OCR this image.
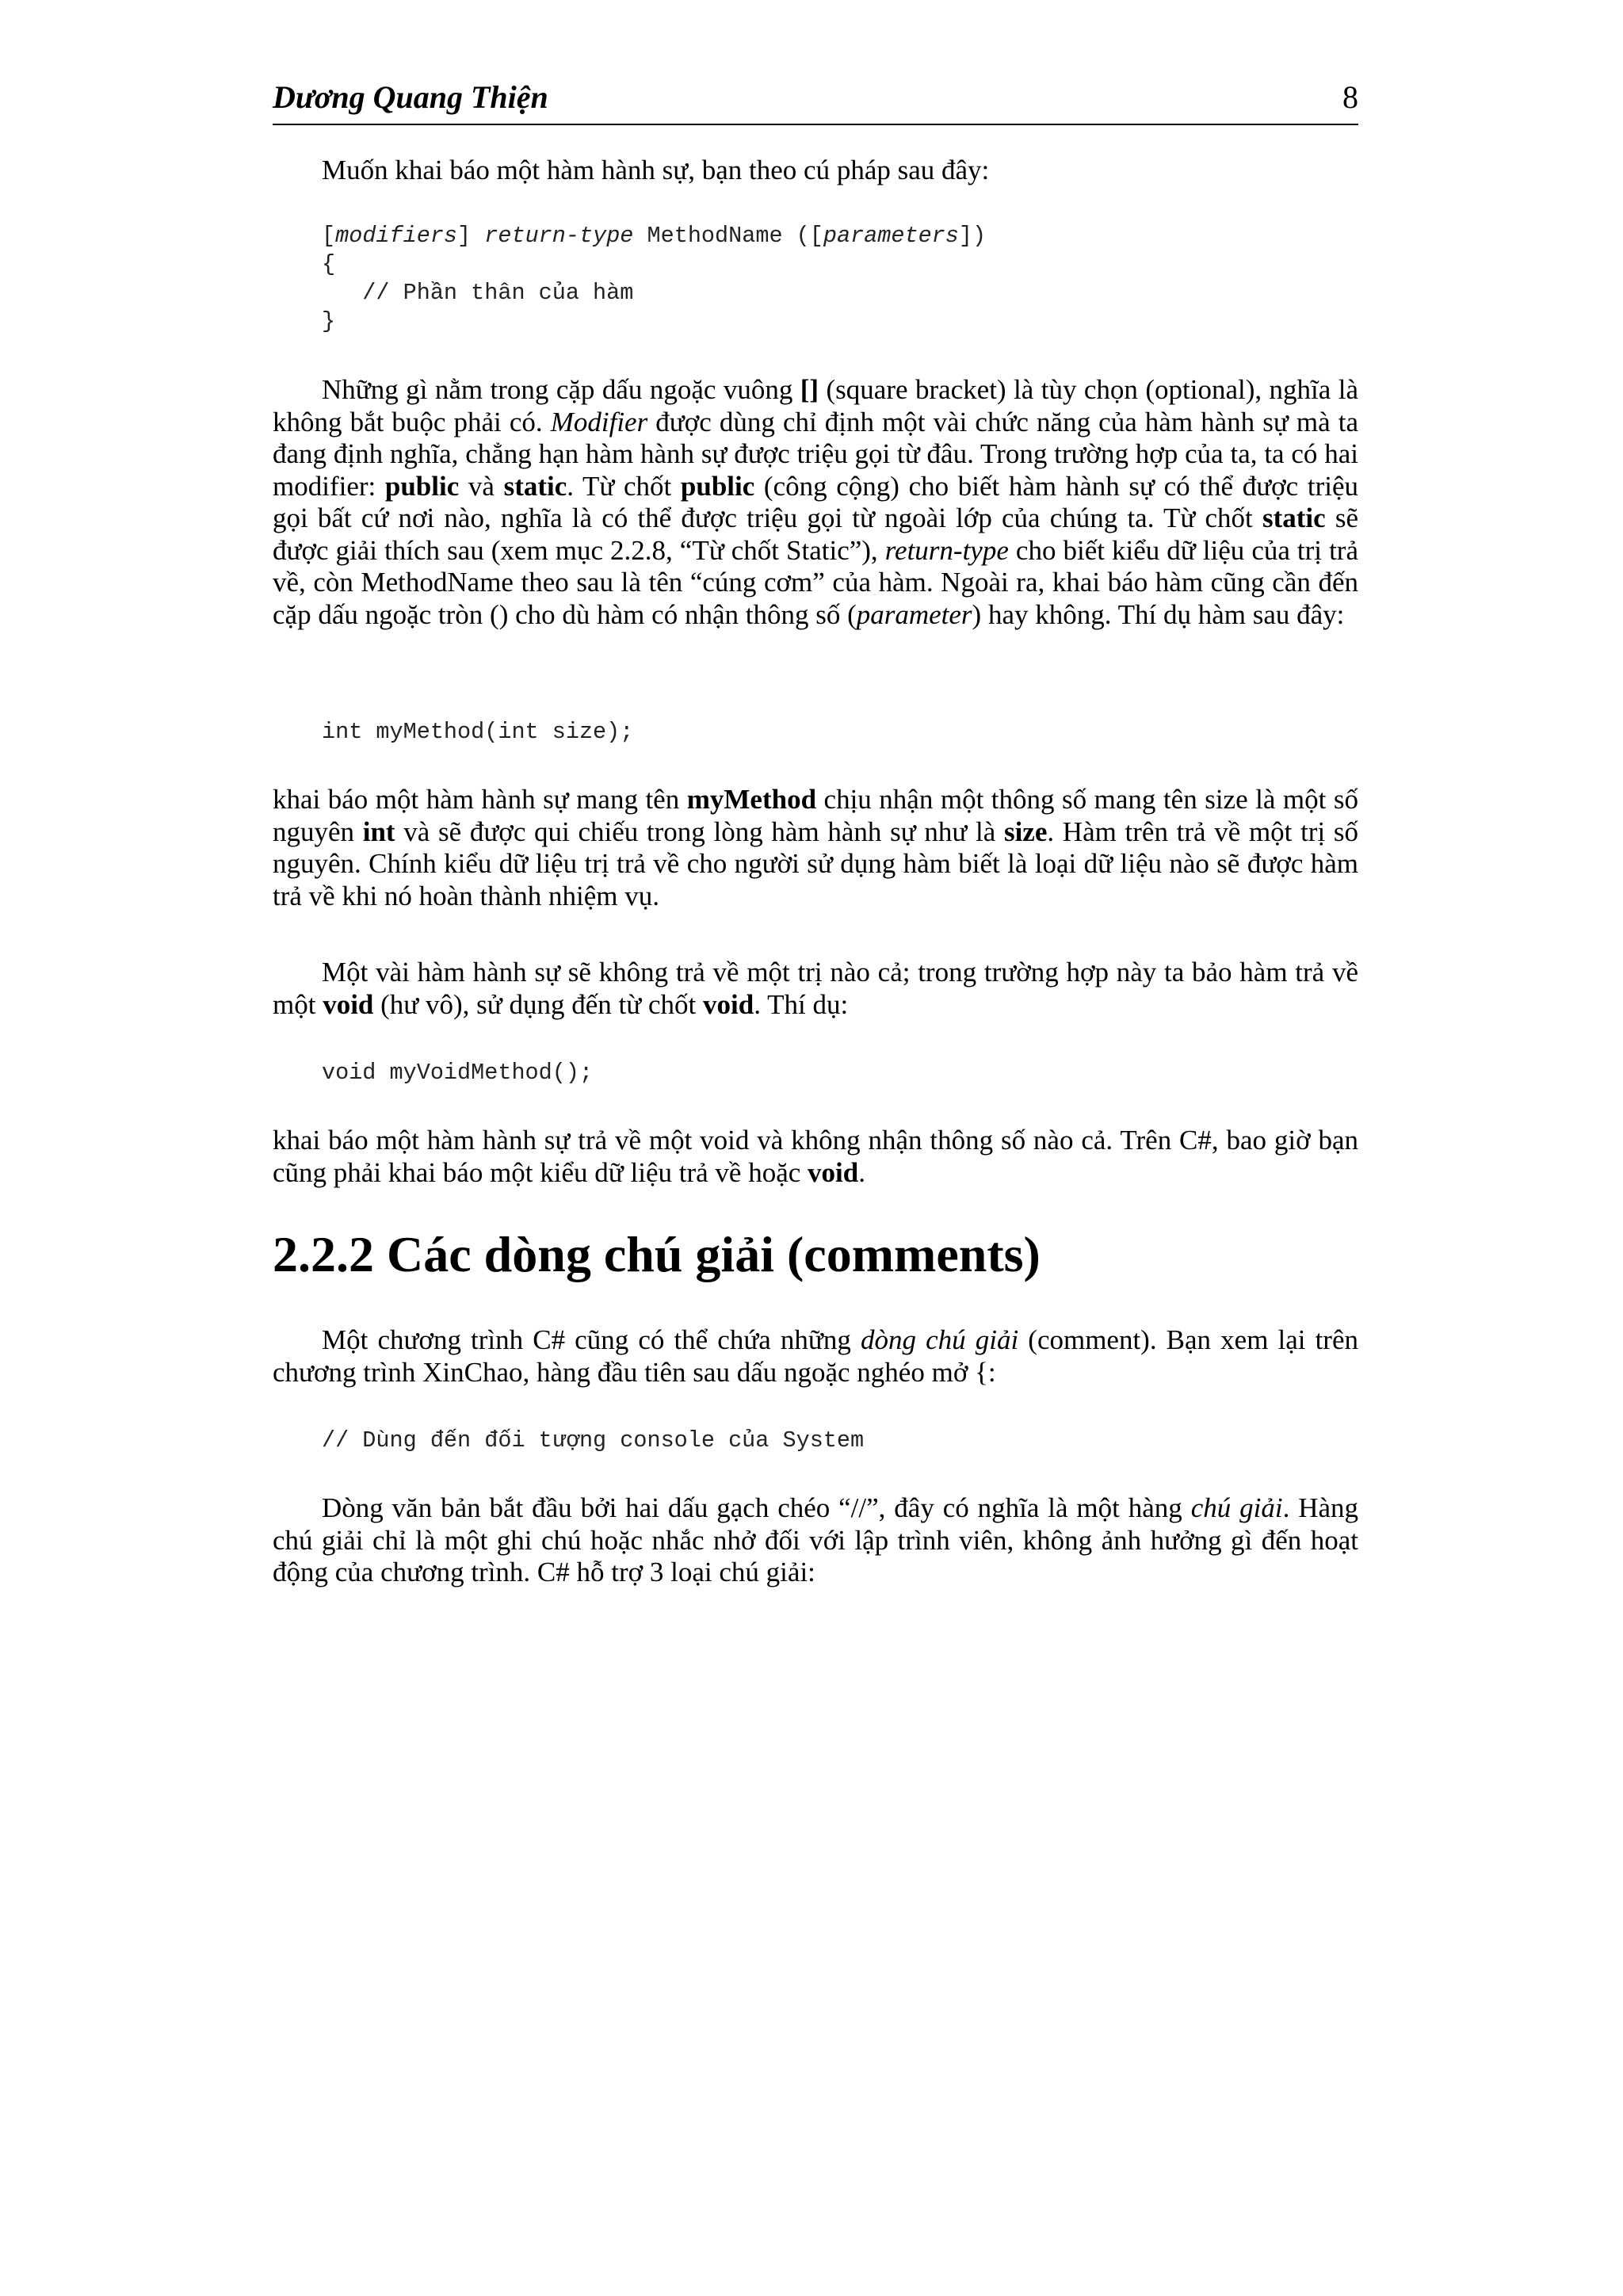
Dương Quang Thiện	8

Muốn khai báo một hàm hành sự, bạn theo cú pháp sau đây:

[modifiers] return-type MethodName ([parameters])
{
// Phần thân của hàm
}

Những gì nằm trong cặp dấu ngoặc vuông [] (square bracket) là tùy chọn (optional), nghĩa là không bắt buộc phải có. Modifier được dùng chỉ định một vài chức năng của hàm hành sự mà ta đang định nghĩa, chẳng hạn hàm hành sự được triệu gọi từ đâu. Trong trường hợp của ta, ta có hai modifier: public và static. Từ chốt public (công cộng) cho biết hàm hành sự có thể được triệu gọi bất cứ nơi nào, nghĩa là có thể được triệu gọi từ ngoài lớp của chúng ta. Từ chốt static sẽ được giải thích sau (xem mục 2.2.8, “Từ chốt Static”), return-type cho biết kiểu dữ liệu của trị trả về, còn MethodName theo sau là tên “cúng cơm” của hàm. Ngoài ra, khai báo hàm cũng cần đến cặp dấu ngoặc tròn () cho dù hàm có nhận thông số (parameter) hay không. Thí dụ hàm sau đây:

int myMethod(int size);

khai báo một hàm hành sự mang tên myMethod chịu nhận một thông số mang tên size là một số nguyên int và sẽ được qui chiếu trong lòng hàm hành sự như là size. Hàm trên trả về một trị số nguyên. Chính kiểu dữ liệu trị trả về cho người sử dụng hàm biết là loại dữ liệu nào sẽ được hàm trả về khi nó hoàn thành nhiệm vụ.

Một vài hàm hành sự sẽ không trả về một trị nào cả; trong trường hợp này ta bảo hàm trả về một void (hư vô), sử dụng đến từ chốt void. Thí dụ:

void myVoidMethod();

khai báo một hàm hành sự trả về một void và không nhận thông số nào cả. Trên C#, bao giờ bạn cũng phải khai báo một kiểu dữ liệu trả về hoặc void.

2.2.2 Các dòng chú giải (comments)

Một chương trình C# cũng có thể chứa những dòng chú giải (comment). Bạn xem lại trên chương trình XinChao, hàng đầu tiên sau dấu ngoặc nghéo mở {:

// Dùng đến đối tượng console của System

Dòng văn bản bắt đầu bởi hai dấu gạch chéo “//”, đây có nghĩa là một hàng chú giải. Hàng chú giải chỉ là một ghi chú hoặc nhắc nhở đối với lập trình viên, không ảnh hưởng gì đến hoạt động của chương trình. C# hỗ trợ 3 loại chú giải:
